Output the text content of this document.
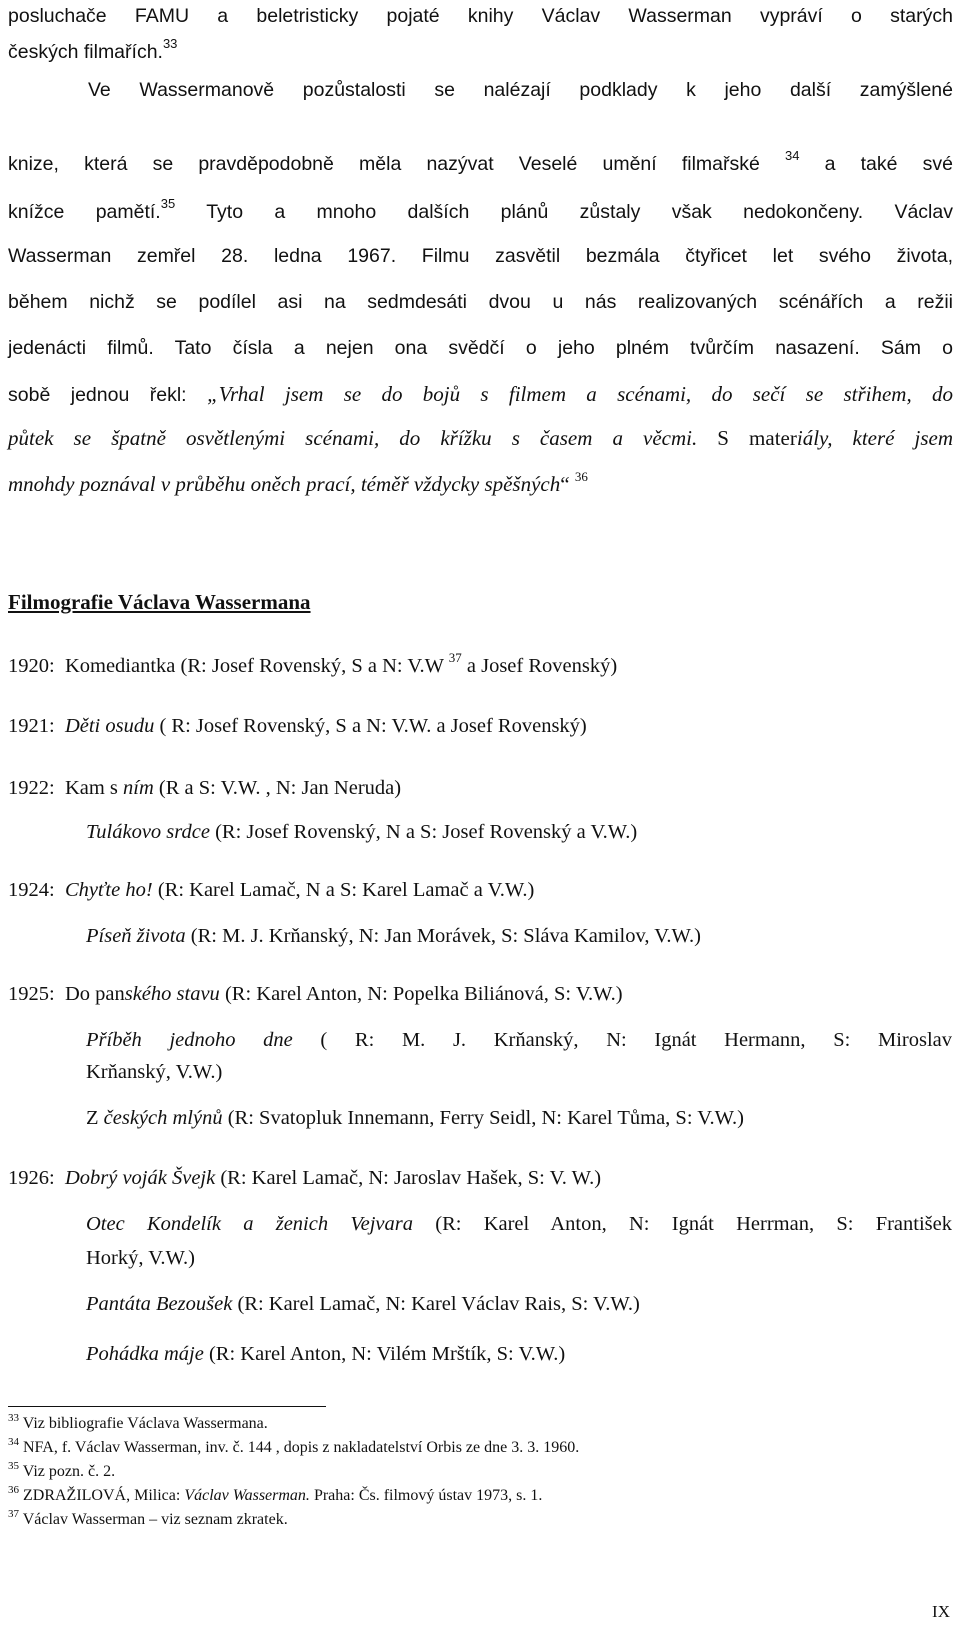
posluchače FAMU a beletristicky pojaté knihy Václav Wasserman vypráví o starých
českých filmařích.$^{33}$
Ve Wassermanově pozůstalosti se nalézají podklady k jeho další zamýšlené
knize, která se pravděpodobně měla nazývat Veselé umění filmařské $^{34}$ a také své
knížce pamětí.$^{35}$ Tyto a mnoho dalších plánů zůstaly však nedokončeny. Václav
Wasserman zemřel 28. ledna 1967. Filmu zasvětil bezmála čtyřicet let svého života,
během nichž se podílel asi na sedmdesáti dvou u nás realizovaných scénářích a režii
jedenácti filmů. Tato čísla a nejen ona svědčí o jeho plném tvůrčím nasazení. Sám o
sobě jednou řekl: „Vrhal jsem se do bojů s filmem a scénami, do sečí se střihem, do
půtek se špatně osvětlenými scénami, do křížku s časem a věcmi. S materiály, které jsem
mnohdy poznával v průběhu oněch prací, téměř vždycky spěšných“ $^{36}$
Filmografie Václava Wassermana
1920: Komediantka (R: Josef Rovenský, S a N: V.W $^{37}$ a Josef Rovenský)
1921: Děti osudu ( R: Josef Rovenský, S a N: V.W. a Josef Rovenský)
1922: Kam s ním (R a S: V.W. , N: Jan Neruda)
Tulákovo srdce (R: Josef Rovenský, N a S: Josef Rovenský a V.W.)
1924: Chyťte ho! (R: Karel Lamač, N a S: Karel Lamač a V.W.)
Píseň života (R: M. J. Krňanský, N: Jan Morávek, S: Sláva Kamilov, V.W.)
1925: Do panského stavu (R: Karel Anton, N: Popelka Biliánová, S: V.W.)
Příběh jednoho dne ( R: M. J. Krňanský, N: Ignát Hermann, S: Miroslav
Krňanský, V.W.)
Z českých mlýnů (R: Svatopluk Innemann, Ferry Seidl, N: Karel Tůma, S: V.W.)
1926: Dobrý voják Švejk (R: Karel Lamač, N: Jaroslav Hašek, S: V. W.)
Otec Kondelík a ženich Vejvara (R: Karel Anton, N: Ignát Herrman, S: František
Horký, V.W.)
Pantáta Bezoušek (R: Karel Lamač, N: Karel Václav Rais, S: V.W.)
Pohádka máje (R: Karel Anton, N: Vilém Mrštík, S: V.W.)
$^{33}$ Viz bibliografie Václava Wassermana.
$^{34}$ NFA, f. Václav Wasserman, inv. č. 144 , dopis z nakladatelství Orbis ze dne 3. 3. 1960.
$^{35}$ Viz pozn. č. 2.
$^{36}$ ZDRAŽILOVÁ, Milica: Václav Wasserman. Praha: Čs. filmový ústav 1973, s. 1.
$^{37}$ Václav Wasserman – viz seznam zkratek.
IX
